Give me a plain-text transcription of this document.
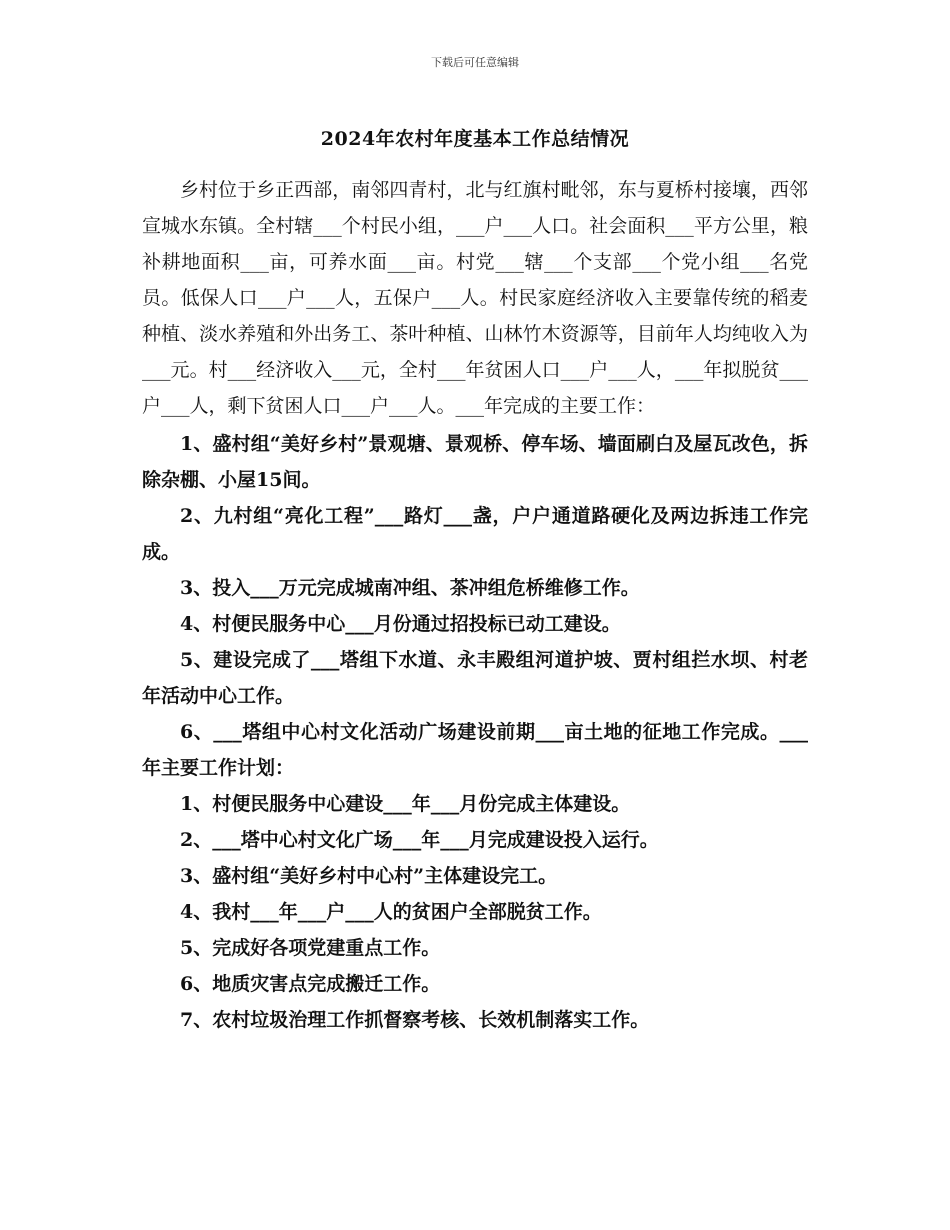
下载后可任意编辑
2024年农村年度基本工作总结情况

乡村位于乡正西部，南邻四青村，北与红旗村毗邻，东与夏桥村接壤，西邻宣城水东镇。全村辖___个村民小组，___户___人口。社会面积___平方公里，粮补耕地面积___亩，可养水面___亩。村党___辖___个支部___个党小组___名党员。低保人口___户___人，五保户___人。村民家庭经济收入主要靠传统的稻麦种植、淡水养殖和外出务工、茶叶种植、山林竹木资源等，目前年人均纯收入为___元。村___经济收入___元，全村___年贫困人口___户___人，___年拟脱贫___户___人，剩下贫困人口___户___人。___年完成的主要工作：

1、盛村组“美好乡村”景观塘、景观桥、停车场、墙面刷白及屋瓦改色，拆除杂棚、小屋15间。

2、九村组“亮化工程”___路灯___盏，户户通道路硬化及两边拆违工作完成。

3、投入___万元完成城南冲组、茶冲组危桥维修工作。

4、村便民服务中心___月份通过招投标已动工建设。

5、建设完成了___塔组下水道、永丰殿组河道护坡、贾村组拦水坝、村老年活动中心工作。

6、___塔组中心村文化活动广场建设前期___亩土地的征地工作完成。___年主要工作计划：

1、村便民服务中心建设___年___月份完成主体建设。

2、___塔中心村文化广场___年___月完成建设投入运行。

3、盛村组“美好乡村中心村”主体建设完工。

4、我村___年___户___人的贫困户全部脱贫工作。

5、完成好各项党建重点工作。

6、地质灾害点完成搬迁工作。

7、农村垃圾治理工作抓督察考核、长效机制落实工作。
